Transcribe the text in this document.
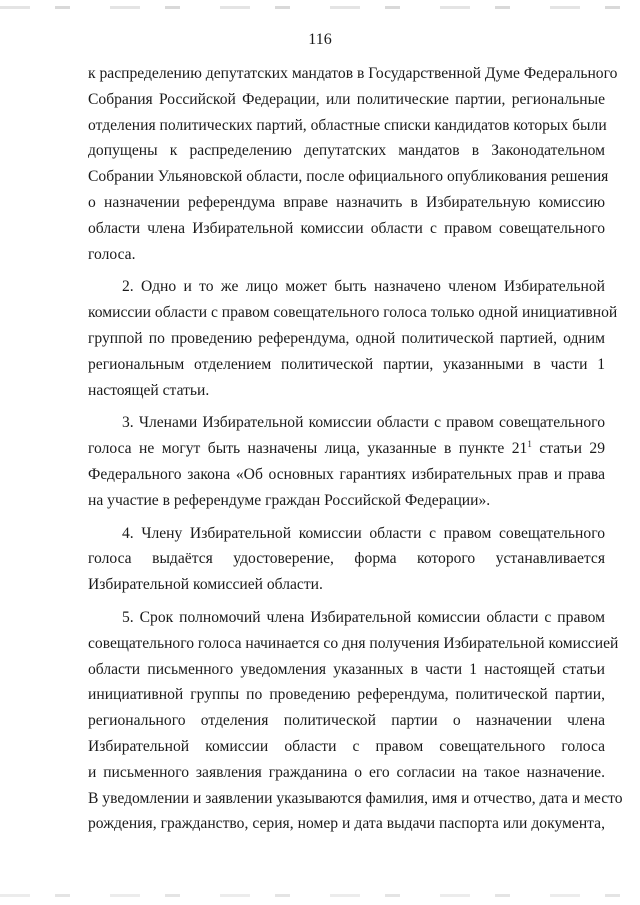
116

к распределению депутатских мандатов в Государственной Думе Федерального
Собрания Российской Федерации, или политические партии, региональные
отделения политических партий, областные списки кандидатов которых были
допущены к распределению депутатских мандатов в Законодательном
Собрании Ульяновской области, после официального опубликования решения
о назначении референдума вправе назначить в Избирательную комиссию
области члена Избирательной комиссии области с правом совещательного
голоса.

2. Одно и то же лицо может быть назначено членом Избирательной
комиссии области с правом совещательного голоса только одной инициативной
группой по проведению референдума, одной политической партией, одним
региональным отделением политической партии, указанными в части 1
настоящей статьи.

3. Членами Избирательной комиссии области с правом совещательного
голоса не могут быть назначены лица, указанные в пункте $21^1$ статьи 29
Федерального закона «Об основных гарантиях избирательных прав и права
на участие в референдуме граждан Российской Федерации».

4. Члену Избирательной комиссии области с правом совещательного
голоса выдаётся удостоверение, форма которого устанавливается
Избирательной комиссией области.

5. Срок полномочий члена Избирательной комиссии области с правом
совещательного голоса начинается со дня получения Избирательной комиссией
области письменного уведомления указанных в части 1 настоящей статьи
инициативной группы по проведению референдума, политической партии,
регионального отделения политической партии о назначении члена
Избирательной комиссии области с правом совещательного голоса
и письменного заявления гражданина о его согласии на такое назначение.
В уведомлении и заявлении указываются фамилия, имя и отчество, дата и место
рождения, гражданство, серия, номер и дата выдачи паспорта или документа,
